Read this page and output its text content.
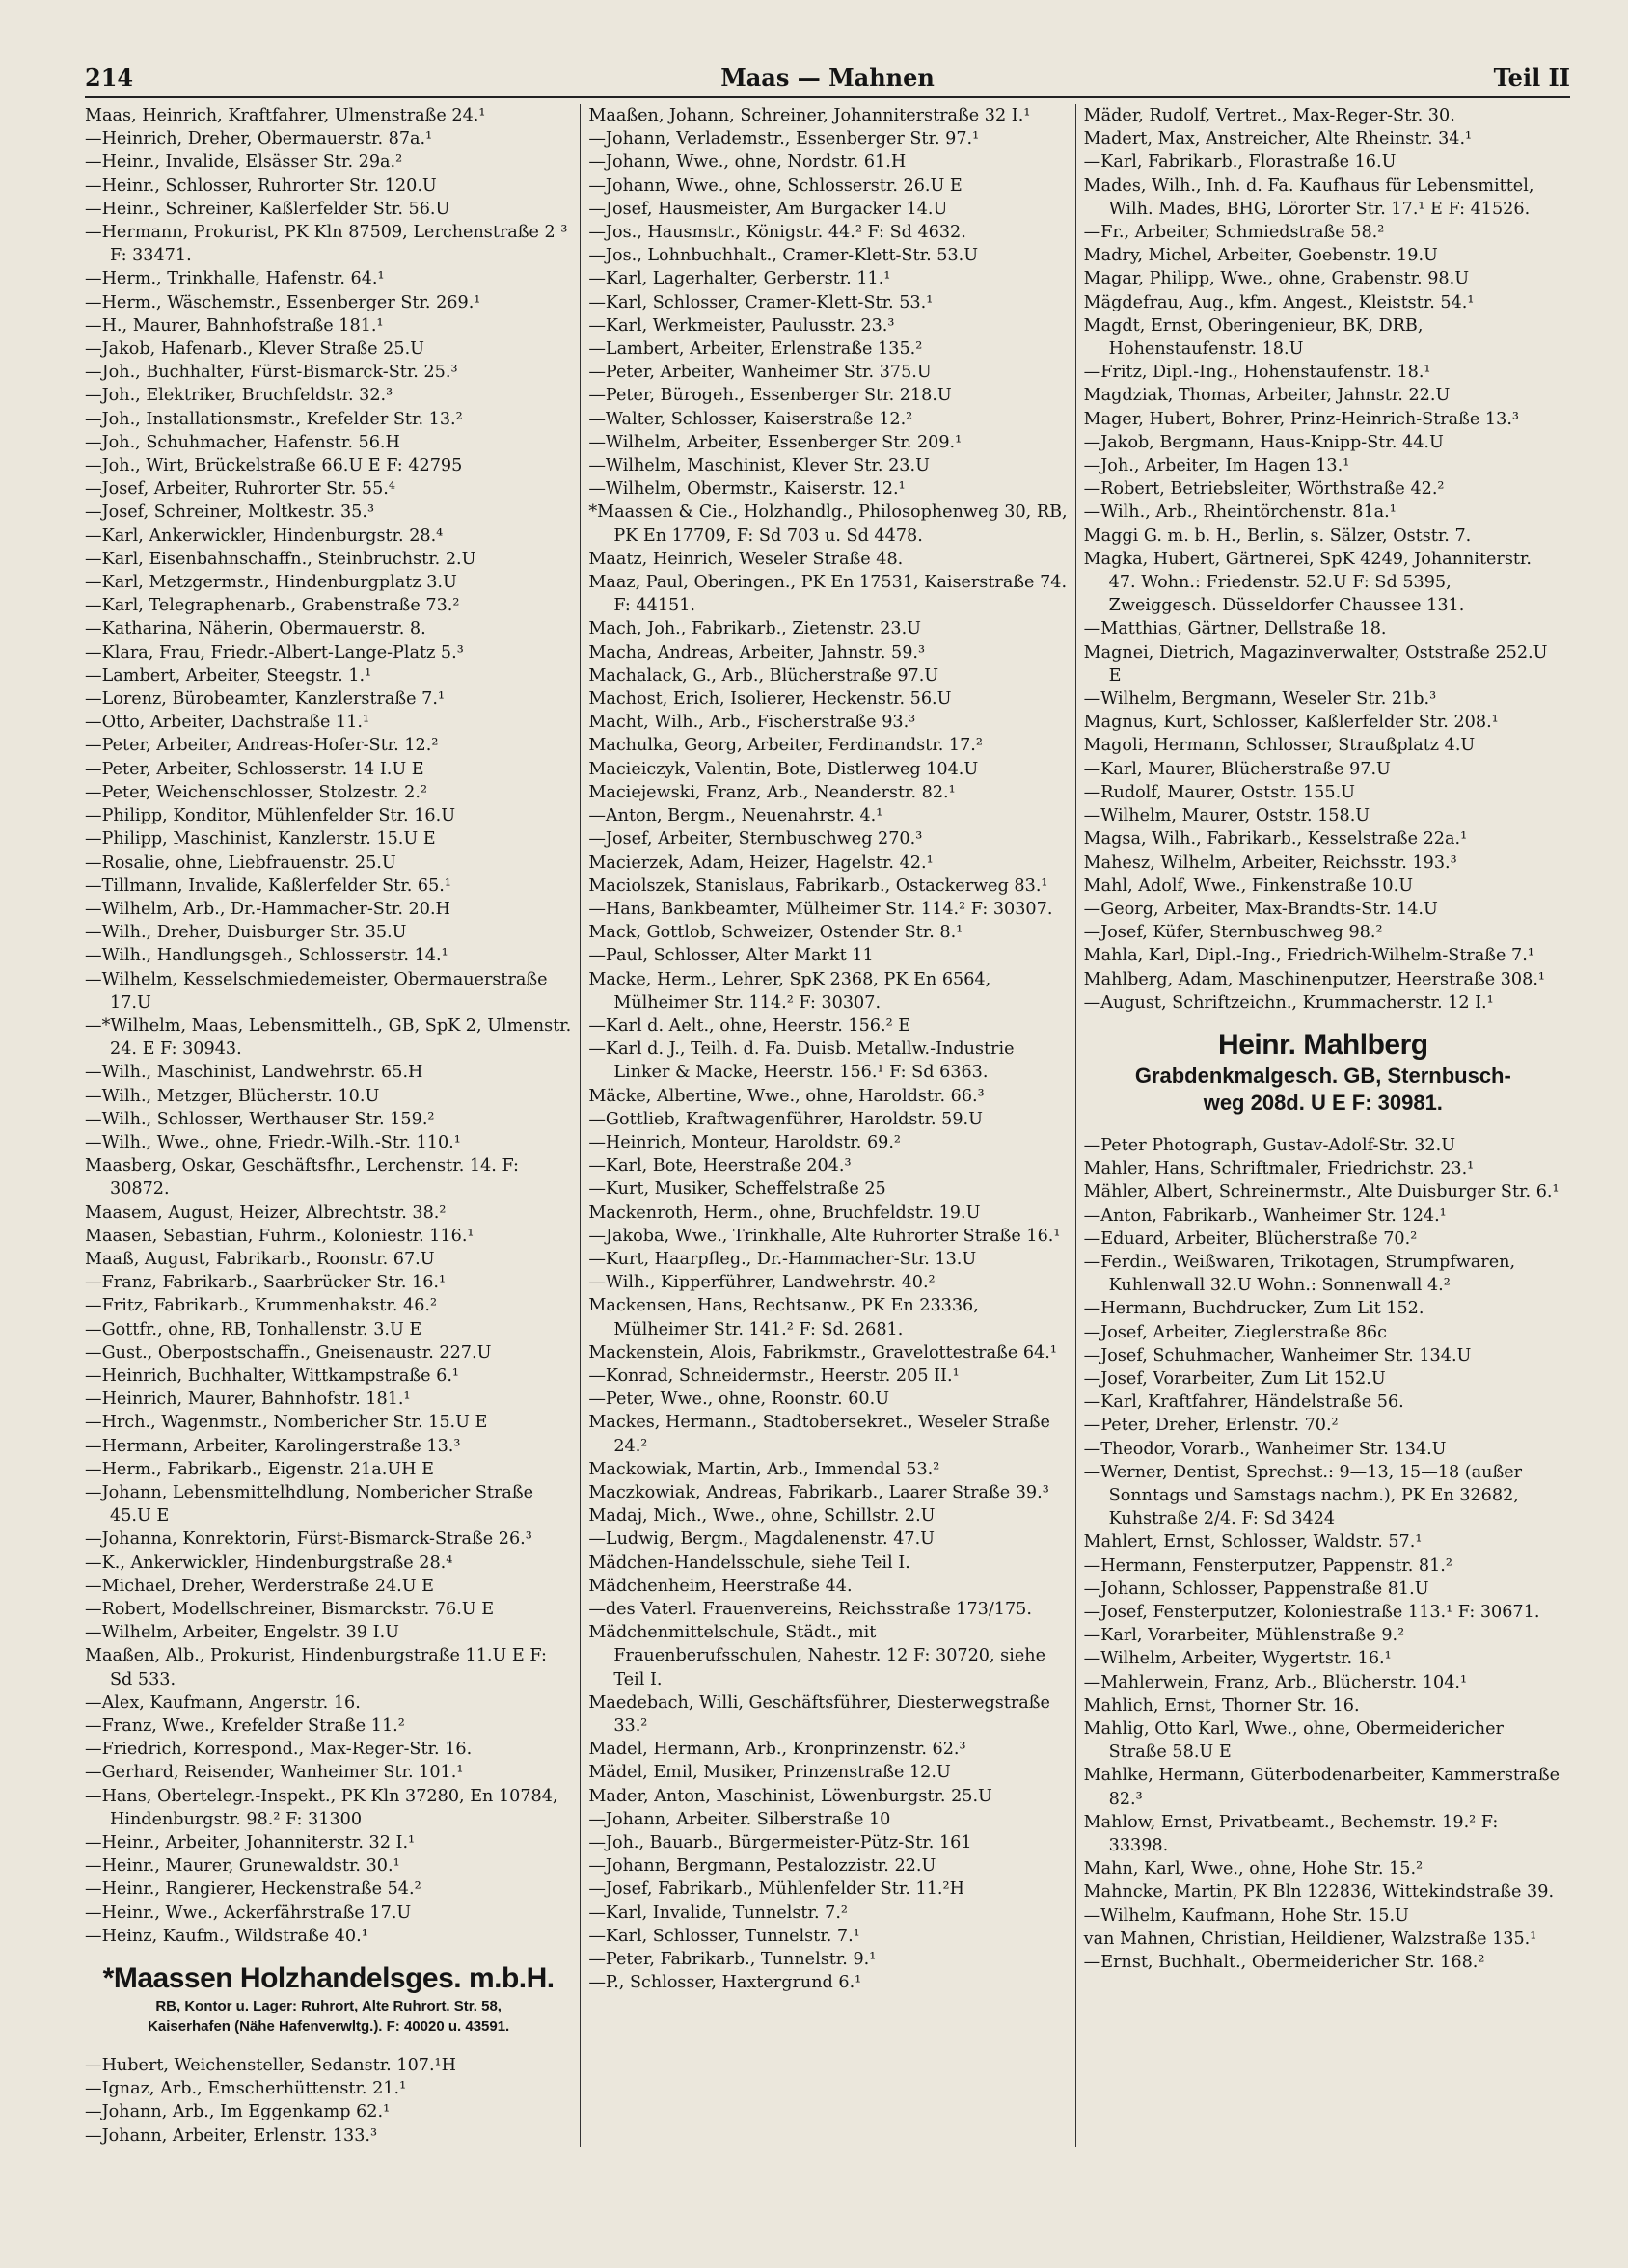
214	Maas — Mahnen	Teil II
Maas, Heinrich, Kraftfahrer, Ulmenstraße 24.¹
—Heinrich, Dreher, Obermauerstr. 87a.¹
—Heinr., Invalide, Elsässer Str. 29a.²
—Heinr., Schlosser, Ruhrorter Str. 120.U
—Heinr., Schreiner, Kaßlerfelder Str. 56.U
—Hermann, Prokurist, PK Kln 87509, Lerchenstraße 2 ³ F: 33471.
—Herm., Trinkhalle, Hafenstr. 64.¹
—Herm., Wäschemstr., Essenberger Str. 269.¹
—H., Maurer, Bahnhofstraße 181.¹
—Jakob, Hafenarb., Klever Straße 25.U
—Joh., Buchhalter, Fürst-Bismarck-Str. 25.³
—Joh., Elektriker, Bruchfeldstr. 32.³
—Joh., Installationsmstr., Krefelder Str. 13.²
—Joh., Schuhmacher, Hafenstr. 56.H
—Joh., Wirt, Brückelstraße 66.U E F: 42795
—Josef, Arbeiter, Ruhrorter Str. 55.⁴
—Josef, Schreiner, Moltkestr. 35.³
—Karl, Ankerwickler, Hindenburgstr. 28.⁴
—Karl, Eisenbahnschaffn., Steinbruchstr. 2.U
—Karl, Metzgermstr., Hindenburgplatz 3.U
—Karl, Telegraphenarb., Grabenstraße 73.²
—Katharina, Näherin, Obermauerstr. 8.
—Klara, Frau, Friedr.-Albert-Lange-Platz 5.³
—Lambert, Arbeiter, Steegstr. 1.¹
—Lorenz, Bürobeamter, Kanzlerstraße 7.¹
—Otto, Arbeiter, Dachstraße 11.¹
—Peter, Arbeiter, Andreas-Hofer-Str. 12.²
—Peter, Arbeiter, Schlosserstr. 14 I.U E
—Peter, Weichenschlosser, Stolzestr. 2.²
—Philipp, Konditor, Mühlenfelder Str. 16.U
—Philipp, Maschinist, Kanzlerstr. 15.U E
—Rosalie, ohne, Liebfrauenstr. 25.U
—Tillmann, Invalide, Kaßlerfelder Str. 65.¹
—Wilhelm, Arb., Dr.-Hammacher-Str. 20.H
—Wilh., Dreher, Duisburger Str. 35.U
—Wilh., Handlungsgeh., Schlosserstr. 14.¹
—Wilhelm, Kesselschmiedemeister, Obermauerstraße 17.U
—*Wilhelm, Maas, Lebensmittelh., GB, SpK 2, Ulmenstr. 24. E F: 30943.
—Wilh., Maschinist, Landwehrstr. 65.H
—Wilh., Metzger, Blücherstr. 10.U
—Wilh., Schlosser, Werthauser Str. 159.²
—Wilh., Wwe., ohne, Friedr.-Wilh.-Str. 110.¹
Maasberg, Oskar, Geschäftsfhr., Lerchenstr. 14. F: 30872.
Maasem, August, Heizer, Albrechtstr. 38.²
Maasen, Sebastian, Fuhrm., Koloniestr. 116.¹
Maaß, August, Fabrikarb., Roonstr. 67.U
—Franz, Fabrikarb., Saarbrücker Str. 16.¹
—Fritz, Fabrikarb., Krummenhakstr. 46.²
—Gottfr., ohne, RB, Tonhallenstr. 3.U E
—Gust., Oberpostschaffn., Gneisenaustr. 227.U
—Heinrich, Buchhalter, Wittkampstraße 6.¹
—Heinrich, Maurer, Bahnhofstr. 181.¹
—Hrch., Wagenmstr., Nombericher Str. 15.U E
—Hermann, Arbeiter, Karolingerstraße 13.³
—Herm., Fabrikarb., Eigenstr. 21a.UH E
—Johann, Lebensmittelhdlung, Nombericher Straße 45.U E
—Johanna, Konrektorin, Fürst-Bismarck-Straße 26.³
—K., Ankerwickler, Hindenburgstraße 28.⁴
—Michael, Dreher, Werderstraße 24.U E
—Robert, Modellschreiner, Bismarckstr. 76.U E
—Wilhelm, Arbeiter, Engelstr. 39 I.U
Maaßen, Alb., Prokurist, Hindenburgstraße 11.U E F: Sd 533.
—Alex, Kaufmann, Angerstr. 16.
—Franz, Wwe., Krefelder Straße 11.²
—Friedrich, Korrespond., Max-Reger-Str. 16.
—Gerhard, Reisender, Wanheimer Str. 101.¹
—Hans, Obertelegr.-Inspekt., PK Kln 37280, En 10784, Hindenburgstr. 98.² F: 31300
—Heinr., Arbeiter, Johanniterstr. 32 I.¹
—Heinr., Maurer, Grunewaldstr. 30.¹
—Heinr., Rangierer, Heckenstraße 54.²
—Heinr., Wwe., Ackerfährstraße 17.U
—Heinz, Kaufm., Wildstraße 40.¹
*Maassen Holzhandelsges. m.b.H.
RB, Kontor u. Lager: Ruhrort, Alte Ruhrort. Str. 58,
Kaiserhafen (Nähe Hafenverwltg.). F: 40020 u. 43591.
—Hubert, Weichensteller, Sedanstr. 107.¹H
—Ignaz, Arb., Emscherhüttenstr. 21.¹
—Johann, Arb., Im Eggenkamp 62.¹
—Johann, Arbeiter, Erlenstr. 133.³
Maaßen, Johann, Schreiner, Johanniterstraße 32 I.¹
—Johann, Verlademstr., Essenberger Str. 97.¹
—Johann, Wwe., ohne, Nordstr. 61.H
—Johann, Wwe., ohne, Schlosserstr. 26.U E
—Josef, Hausmeister, Am Burgacker 14.U
—Jos., Hausmstr., Königstr. 44.² F: Sd 4632.
—Jos., Lohnbuchhalt., Cramer-Klett-Str. 53.U
—Karl, Lagerhalter, Gerberstr. 11.¹
—Karl, Schlosser, Cramer-Klett-Str. 53.¹
—Karl, Werkmeister, Paulusstr. 23.³
—Lambert, Arbeiter, Erlenstraße 135.²
—Peter, Arbeiter, Wanheimer Str. 375.U
—Peter, Bürogeh., Essenberger Str. 218.U
—Walter, Schlosser, Kaiserstraße 12.²
—Wilhelm, Arbeiter, Essenberger Str. 209.¹
—Wilhelm, Maschinist, Klever Str. 23.U
—Wilhelm, Obermstr., Kaiserstr. 12.¹
*Maassen & Cie., Holzhandlg., Philosophenweg 30, RB, PK En 17709, F: Sd 703 u. Sd 4478.
Maatz, Heinrich, Weseler Straße 48.
Maaz, Paul, Oberingen., PK En 17531, Kaiserstraße 74. F: 44151.
Mach, Joh., Fabrikarb., Zietenstr. 23.U
Macha, Andreas, Arbeiter, Jahnstr. 59.³
Machalack, G., Arb., Blücherstraße 97.U
Machost, Erich, Isolierer, Heckenstr. 56.U
Macht, Wilh., Arb., Fischerstraße 93.³
Machulka, Georg, Arbeiter, Ferdinandstr. 17.²
Macieiczyk, Valentin, Bote, Distlerweg 104.U
Maciejewski, Franz, Arb., Neanderstr. 82.¹
—Anton, Bergm., Neuenahrstr. 4.¹
—Josef, Arbeiter, Sternbuschweg 270.³
Macierzek, Adam, Heizer, Hagelstr. 42.¹
Maciolszek, Stanislaus, Fabrikarb., Ostackerweg 83.¹
—Hans, Bankbeamter, Mülheimer Str. 114.² F: 30307.
Mack, Gottlob, Schweizer, Ostender Str. 8.¹
—Paul, Schlosser, Alter Markt 11
Macke, Herm., Lehrer, SpK 2368, PK En 6564, Mülheimer Str. 114.² F: 30307.
—Karl d. Aelt., ohne, Heerstr. 156.² E
—Karl d. J., Teilh. d. Fa. Duisb. Metallw.-Industrie Linker & Macke, Heerstr. 156.¹ F: Sd 6363.
Mäcke, Albertine, Wwe., ohne, Haroldstr. 66.³
—Gottlieb, Kraftwagenführer, Haroldstr. 59.U
—Heinrich, Monteur, Haroldstr. 69.²
—Karl, Bote, Heerstraße 204.³
—Kurt, Musiker, Scheffelstraße 25
Mackenroth, Herm., ohne, Bruchfeldstr. 19.U
—Jakoba, Wwe., Trinkhalle, Alte Ruhrorter Straße 16.¹
—Kurt, Haarpfleg., Dr.-Hammacher-Str. 13.U
—Wilh., Kipperführer, Landwehrstr. 40.²
Mackensen, Hans, Rechtsanw., PK En 23336, Mülheimer Str. 141.² F: Sd. 2681.
Mackenstein, Alois, Fabrikmstr., Gravelottestraße 64.¹
—Konrad, Schneidermstr., Heerstr. 205 II.¹
—Peter, Wwe., ohne, Roonstr. 60.U
Mackes, Hermann., Stadtobersekret., Weseler Straße 24.²
Mackowiak, Martin, Arb., Immendal 53.²
Maczkowiak, Andreas, Fabrikarb., Laarer Straße 39.³
Madaj, Mich., Wwe., ohne, Schillstr. 2.U
—Ludwig, Bergm., Magdalenenstr. 47.U
Mädchen-Handelsschule, siehe Teil I.
Mädchenheim, Heerstraße 44.
—des Vaterl. Frauenvereins, Reichsstraße 173/175.
Mädchenmittelschule, Städt., mit Frauenberufsschulen, Nahestr. 12 F: 30720, siehe Teil I.
Maedebach, Willi, Geschäftsführer, Diesterwegstraße 33.²
Madel, Hermann, Arb., Kronprinzenstr. 62.³
Mädel, Emil, Musiker, Prinzenstraße 12.U
Mader, Anton, Maschinist, Löwenburgstr. 25.U
—Johann, Arbeiter. Silberstraße 10
—Joh., Bauarb., Bürgermeister-Pütz-Str. 161
—Johann, Bergmann, Pestalozzistr. 22.U
—Josef, Fabrikarb., Mühlenfelder Str. 11.²H
—Karl, Invalide, Tunnelstr. 7.²
—Karl, Schlosser, Tunnelstr. 7.¹
—Peter, Fabrikarb., Tunnelstr. 9.¹
—P., Schlosser, Haxtergrund 6.¹
Mäder, Rudolf, Vertret., Max-Reger-Str. 30.
Madert, Max, Anstreicher, Alte Rheinstr. 34.¹
—Karl, Fabrikarb., Florastraße 16.U
Mades, Wilh., Inh. d. Fa. Kaufhaus für Lebensmittel, Wilh. Mades, BHG, Lörorter Str. 17.¹ E F: 41526.
—Fr., Arbeiter, Schmiedstraße 58.²
Madry, Michel, Arbeiter, Goebenstr. 19.U
Magar, Philipp, Wwe., ohne, Grabenstr. 98.U
Mägdefrau, Aug., kfm. Angest., Kleiststr. 54.¹
Magdt, Ernst, Oberingenieur, BK, DRB, Hohenstaufenstr. 18.U
—Fritz, Dipl.-Ing., Hohenstaufenstr. 18.¹
Magdziak, Thomas, Arbeiter, Jahnstr. 22.U
Mager, Hubert, Bohrer, Prinz-Heinrich-Straße 13.³
—Jakob, Bergmann, Haus-Knipp-Str. 44.U
—Joh., Arbeiter, Im Hagen 13.¹
—Robert, Betriebsleiter, Wörthstraße 42.²
—Wilh., Arb., Rheintörchenstr. 81a.¹
Maggi G. m. b. H., Berlin, s. Sälzer, Oststr. 7.
Magka, Hubert, Gärtnerei, SpK 4249, Johanniterstr. 47. Wohn.: Friedenstr. 52.U F: Sd 5395, Zweiggesch. Düsseldorfer Chaussee 131.
—Matthias, Gärtner, Dellstraße 18.
Magnei, Dietrich, Magazinverwalter, Oststraße 252.U E
—Wilhelm, Bergmann, Weseler Str. 21b.³
Magnus, Kurt, Schlosser, Kaßlerfelder Str. 208.¹
Magoli, Hermann, Schlosser, Straußplatz 4.U
—Karl, Maurer, Blücherstraße 97.U
—Rudolf, Maurer, Oststr. 155.U
—Wilhelm, Maurer, Oststr. 158.U
Magsa, Wilh., Fabrikarb., Kesselstraße 22a.¹
Mahesz, Wilhelm, Arbeiter, Reichsstr. 193.³
Mahl, Adolf, Wwe., Finkenstraße 10.U
—Georg, Arbeiter, Max-Brandts-Str. 14.U
—Josef, Küfer, Sternbuschweg 98.²
Mahla, Karl, Dipl.-Ing., Friedrich-Wilhelm-Straße 7.¹
Mahlberg, Adam, Maschinenputzer, Heerstraße 308.¹
—August, Schriftzeichn., Krummacherstr. 12 I.¹
Heinr. Mahlberg
Grabdenkmalgesch. GB, Sternbusch-
weg 208d. U E F: 30981.
—Peter Photograph, Gustav-Adolf-Str. 32.U
Mahler, Hans, Schriftmaler, Friedrichstr. 23.¹
Mähler, Albert, Schreinermstr., Alte Duisburger Str. 6.¹
—Anton, Fabrikarb., Wanheimer Str. 124.¹
—Eduard, Arbeiter, Blücherstraße 70.²
—Ferdin., Weißwaren, Trikotagen, Strumpfwaren, Kuhlenwall 32.U Wohn.: Sonnenwall 4.²
—Hermann, Buchdrucker, Zum Lit 152.
—Josef, Arbeiter, Zieglerstraße 86c
—Josef, Schuhmacher, Wanheimer Str. 134.U
—Josef, Vorarbeiter, Zum Lit 152.U
—Karl, Kraftfahrer, Händelstraße 56.
—Peter, Dreher, Erlenstr. 70.²
—Theodor, Vorarb., Wanheimer Str. 134.U
—Werner, Dentist, Sprechst.: 9—13, 15—18 (außer Sonntags und Samstags nachm.), PK En 32682, Kuhstraße 2/4. F: Sd 3424
Mahlert, Ernst, Schlosser, Waldstr. 57.¹
—Hermann, Fensterputzer, Pappenstr. 81.²
—Johann, Schlosser, Pappenstraße 81.U
—Josef, Fensterputzer, Koloniestraße 113.¹ F: 30671.
—Karl, Vorarbeiter, Mühlenstraße 9.²
—Wilhelm, Arbeiter, Wygertstr. 16.¹
—Mahlerwein, Franz, Arb., Blücherstr. 104.¹
Mahlich, Ernst, Thorner Str. 16.
Mahlig, Otto Karl, Wwe., ohne, Obermeidericher Straße 58.U E
Mahlke, Hermann, Güterbodenarbeiter, Kammerstraße 82.³
Mahlow, Ernst, Privatbeamt., Bechemstr. 19.² F: 33398.
Mahn, Karl, Wwe., ohne, Hohe Str. 15.²
Mahncke, Martin, PK Bln 122836, Wittekindstraße 39.
—Wilhelm, Kaufmann, Hohe Str. 15.U
van Mahnen, Christian, Heildiener, Walzstraße 135.¹
—Ernst, Buchhalt., Obermeidericher Str. 168.²
